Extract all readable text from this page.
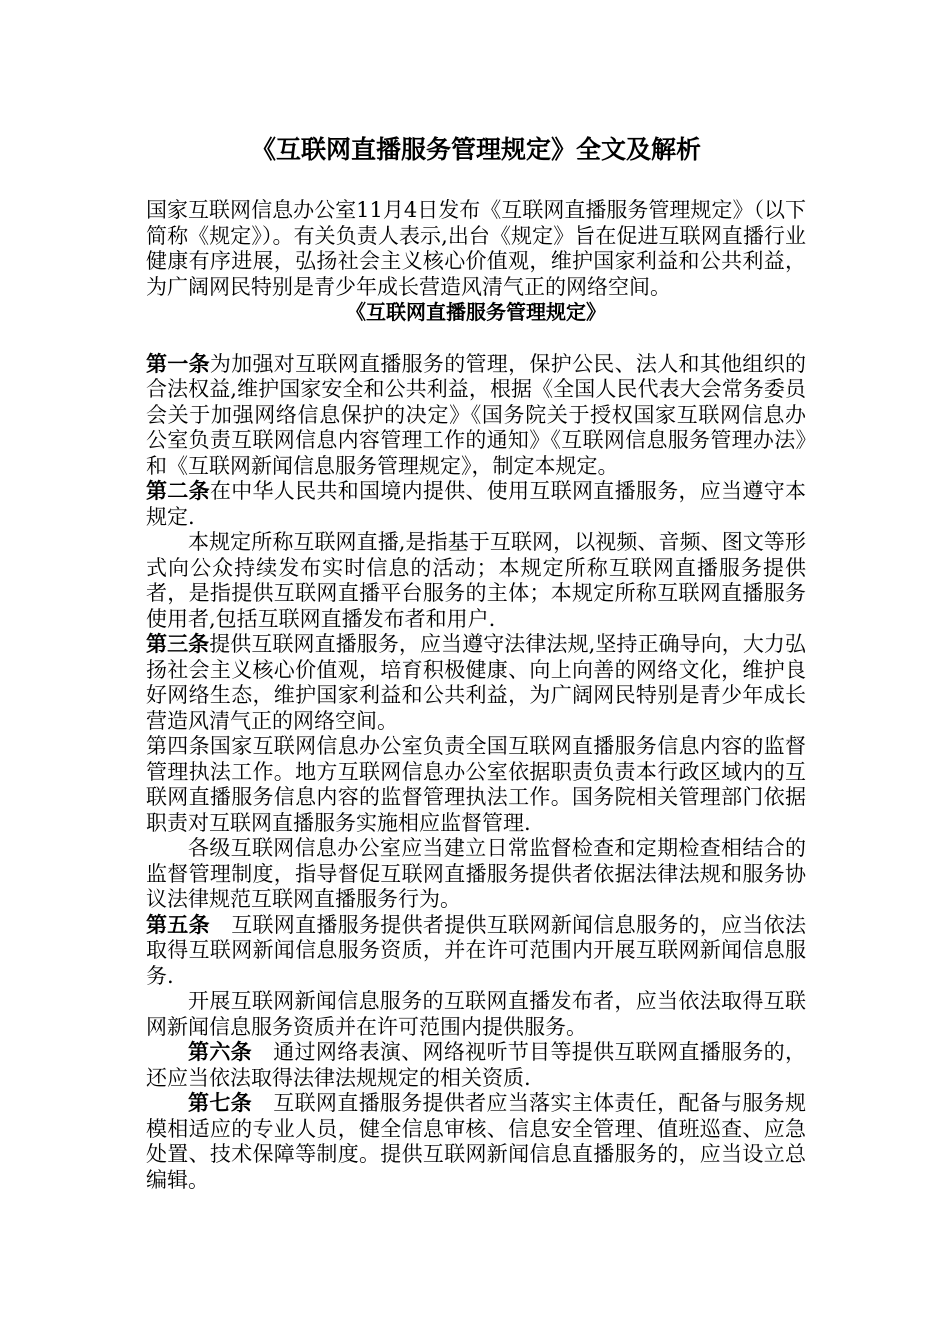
《互联网直播服务管理规定》全文及解析

国家互联网信息办公室11月4日发布《互联网直播服务管理规定》（以下简称《规定》）。有关负责人表示,出台《规定》旨在促进互联网直播行业健康有序进展，弘扬社会主义核心价值观，维护国家利益和公共利益，为广阔网民特别是青少年成长营造风清气正的网络空间。

《互联网直播服务管理规定》

第一条为加强对互联网直播服务的管理，保护公民、法人和其他组织的合法权益,维护国家安全和公共利益，根据《全国人民代表大会常务委员会关于加强网络信息保护的决定》《国务院关于授权国家互联网信息办公室负责互联网信息内容管理工作的通知》《互联网信息服务管理办法》和《互联网新闻信息服务管理规定》，制定本规定。

第二条在中华人民共和国境内提供、使用互联网直播服务，应当遵守本规定.

本规定所称互联网直播,是指基于互联网，以视频、音频、图文等形式向公众持续发布实时信息的活动；本规定所称互联网直播服务提供者，是指提供互联网直播平台服务的主体；本规定所称互联网直播服务使用者,包括互联网直播发布者和用户.

第三条提供互联网直播服务，应当遵守法律法规,坚持正确导向，大力弘扬社会主义核心价值观，培育积极健康、向上向善的网络文化，维护良好网络生态，维护国家利益和公共利益，为广阔网民特别是青少年成长营造风清气正的网络空间。

第四条国家互联网信息办公室负责全国互联网直播服务信息内容的监督管理执法工作。地方互联网信息办公室依据职责负责本行政区域内的互联网直播服务信息内容的监督管理执法工作。国务院相关管理部门依据职责对互联网直播服务实施相应监督管理.

各级互联网信息办公室应当建立日常监督检查和定期检查相结合的监督管理制度，指导督促互联网直播服务提供者依据法律法规和服务协议法律规范互联网直播服务行为。

第五条 互联网直播服务提供者提供互联网新闻信息服务的，应当依法取得互联网新闻信息服务资质，并在许可范围内开展互联网新闻信息服务.

开展互联网新闻信息服务的互联网直播发布者，应当依法取得互联网新闻信息服务资质并在许可范围内提供服务。

第六条 通过网络表演、网络视听节目等提供互联网直播服务的，还应当依法取得法律法规规定的相关资质.

第七条 互联网直播服务提供者应当落实主体责任，配备与服务规模相适应的专业人员，健全信息审核、信息安全管理、值班巡查、应急处置、技术保障等制度。提供互联网新闻信息直播服务的，应当设立总编辑。
